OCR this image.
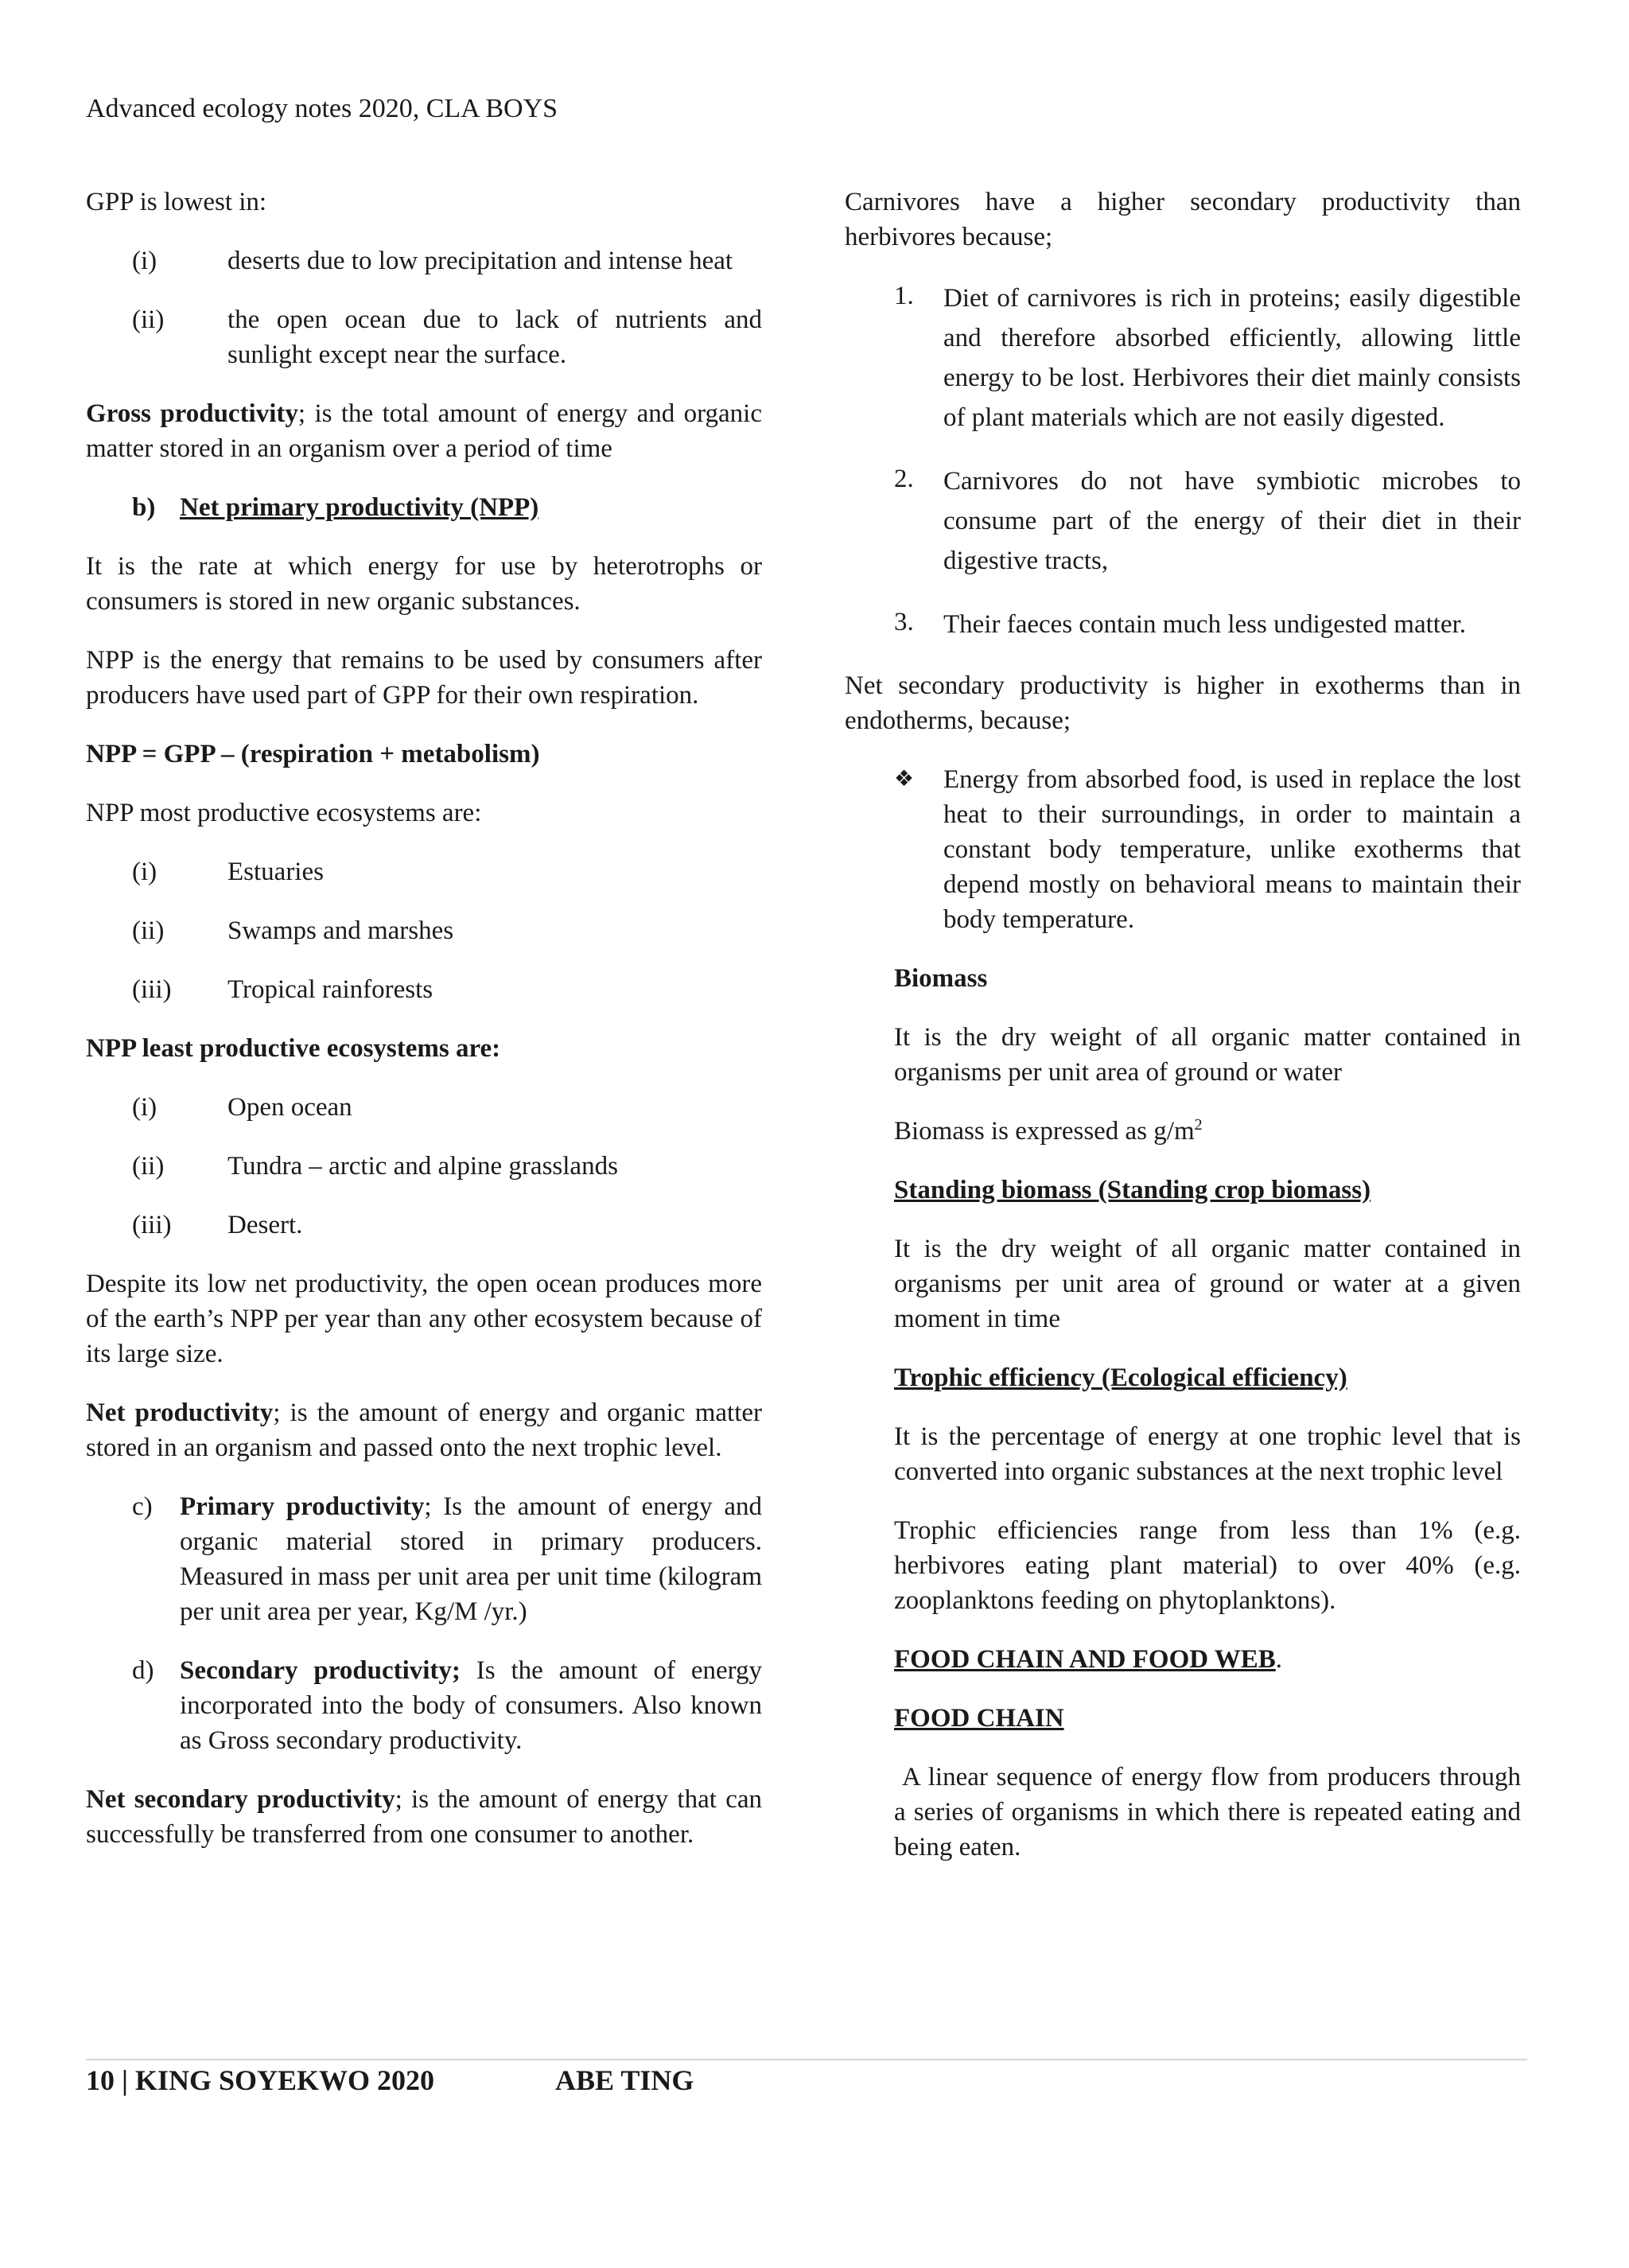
Advanced ecology notes 2020, CLA BOYS

GPP is lowest in:

(i)	deserts due to low precipitation and intense heat
(ii)	the open ocean due to lack of nutrients and sunlight except near the surface.

Gross productivity; is the total amount of energy and organic matter stored in an organism over a period of time

b) Net primary productivity (NPP)

It is the rate at which energy for use by heterotrophs or consumers is stored in new organic substances.

NPP is the energy that remains to be used by consumers after producers have used part of GPP for their own respiration.

NPP = GPP – (respiration + metabolism)

NPP most productive ecosystems are:

(i)	Estuaries
(ii)	Swamps and marshes
(iii)	Tropical rainforests

NPP least productive ecosystems are:

(i)	Open ocean
(ii)	Tundra – arctic and alpine grasslands
(iii)	Desert.

Despite its low net productivity, the open ocean produces more of the earth’s NPP per year than any other ecosystem because of its large size.

Net productivity; is the amount of energy and organic matter stored in an organism and passed onto the next trophic level.

c)	Primary productivity; Is the amount of energy and organic material stored in primary producers. Measured in mass per unit area per unit time (kilogram per unit area per year, Kg/M /yr.)
d) Secondary productivity; Is the amount of energy incorporated into the body of consumers. Also known as Gross secondary productivity.

Net secondary productivity; is the amount of energy that can successfully be transferred from one consumer to another.

Carnivores have a higher secondary productivity than herbivores because;

1.	Diet of carnivores is rich in proteins; easily digestible and therefore absorbed efficiently, allowing little energy to be lost. Herbivores their diet mainly consists of plant materials which are not easily digested.
2.	Carnivores do not have symbiotic microbes to consume part of the energy of their diet in their digestive tracts,
3.	Their faeces contain much less undigested matter.

Net secondary productivity is higher in exotherms than in endotherms, because;

❖	Energy from absorbed food, is used in replace the lost heat to their surroundings, in order to maintain a constant body temperature, unlike exotherms that depend mostly on behavioral means to maintain their body temperature.

Biomass

It is the dry weight of all organic matter contained in organisms per unit area of ground or water

Biomass is expressed as $g/m^2$

Standing biomass (Standing crop biomass)

It is the dry weight of all organic matter contained in organisms per unit area of ground or water at a given moment in time

Trophic efficiency (Ecological efficiency)

It is the percentage of energy at one trophic level that is converted into organic substances at the next trophic level

Trophic efficiencies range from less than 1% (e.g. herbivores eating plant material) to over 40% (e.g. zooplanktons feeding on phytoplanktons).

FOOD CHAIN AND FOOD WEB.

FOOD CHAIN

A linear sequence of energy flow from producers through a series of organisms in which there is repeated eating and being eaten.

10 | KING SOYEKWO 2020	ABE TING
